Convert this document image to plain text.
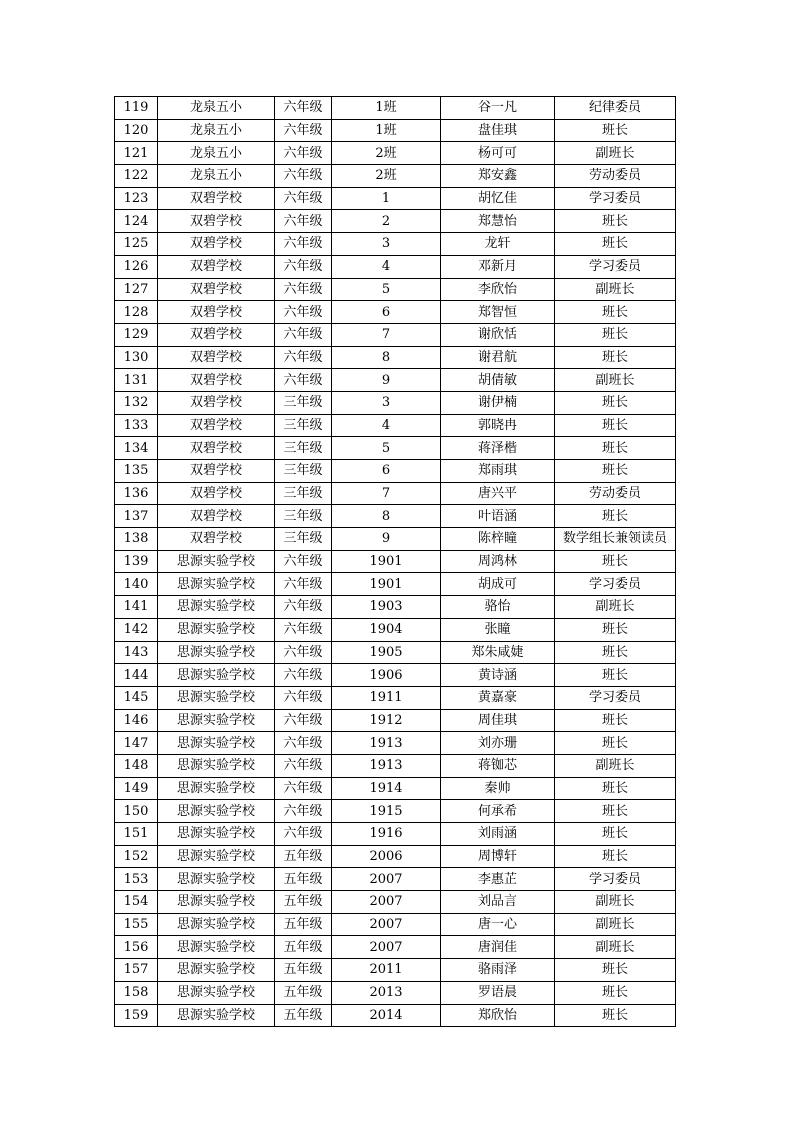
119	龙泉五小	六年级	1班	谷一凡	纪律委员
120	龙泉五小	六年级	1班	盘佳琪	班长
121	龙泉五小	六年级	2班	杨可可	副班长
122	龙泉五小	六年级	2班	郑安鑫	劳动委员
123	双碧学校	六年级	1	胡忆佳	学习委员
124	双碧学校	六年级	2	郑慧怡	班长
125	双碧学校	六年级	3	龙轩	班长
126	双碧学校	六年级	4	邓新月	学习委员
127	双碧学校	六年级	5	李欣怡	副班长
128	双碧学校	六年级	6	郑智恒	班长
129	双碧学校	六年级	7	谢欣恬	班长
130	双碧学校	六年级	8	谢君航	班长
131	双碧学校	六年级	9	胡倩敏	副班长
132	双碧学校	三年级	3	谢伊楠	班长
133	双碧学校	三年级	4	郭晓冉	班长
134	双碧学校	三年级	5	蒋泽楷	班长
135	双碧学校	三年级	6	郑雨琪	班长
136	双碧学校	三年级	7	唐兴平	劳动委员
137	双碧学校	三年级	8	叶语涵	班长
138	双碧学校	三年级	9	陈梓瞳	数学组长兼领读员
139	思源实验学校	六年级	1901	周鸿林	班长
140	思源实验学校	六年级	1901	胡成可	学习委员
141	思源实验学校	六年级	1903	骆怡	副班长
142	思源实验学校	六年级	1904	张瞳	班长
143	思源实验学校	六年级	1905	郑朱咸婕	班长
144	思源实验学校	六年级	1906	黄诗涵	班长
145	思源实验学校	六年级	1911	黄嘉豪	学习委员
146	思源实验学校	六年级	1912	周佳琪	班长
147	思源实验学校	六年级	1913	刘亦珊	班长
148	思源实验学校	六年级	1913	蒋铷芯	副班长
149	思源实验学校	六年级	1914	秦帅	班长
150	思源实验学校	六年级	1915	何承希	班长
151	思源实验学校	六年级	1916	刘雨涵	班长
152	思源实验学校	五年级	2006	周博轩	班长
153	思源实验学校	五年级	2007	李惠芷	学习委员
154	思源实验学校	五年级	2007	刘品言	副班长
155	思源实验学校	五年级	2007	唐一心	副班长
156	思源实验学校	五年级	2007	唐润佳	副班长
157	思源实验学校	五年级	2011	骆雨泽	班长
158	思源实验学校	五年级	2013	罗语晨	班长
159	思源实验学校	五年级	2014	郑欣怡	班长
